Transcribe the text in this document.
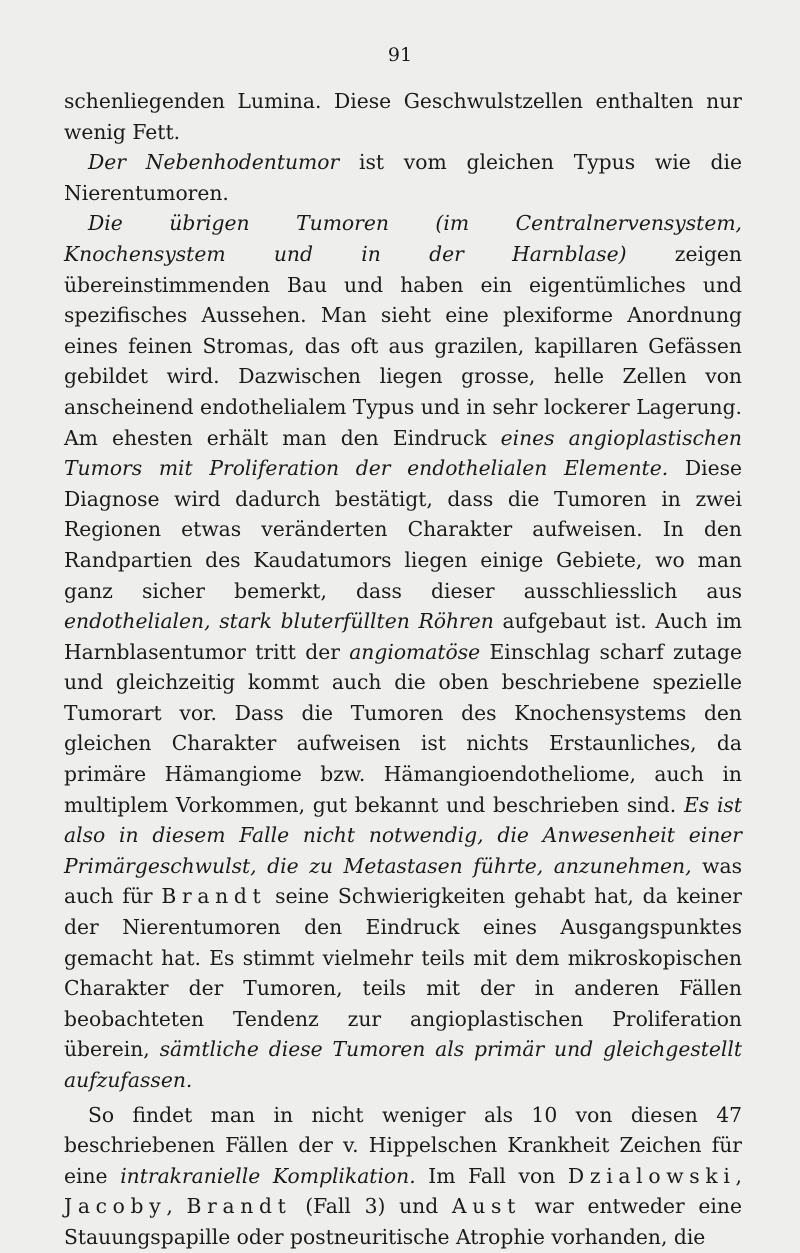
91

schenliegenden Lumina. Diese Geschwulstzellen enthalten nur wenig Fett.

Der Nebenhodentumor ist vom gleichen Typus wie die Nierentumoren.

Die übrigen Tumoren (im Centralnervensystem, Knochensystem und in der Harnblase) zeigen übereinstimmenden Bau und haben ein eigentümliches und spezifisches Aussehen. Man sieht eine plexiforme Anordnung eines feinen Stromas, das oft aus grazilen, kapillaren Gefässen gebildet wird. Dazwischen liegen grosse, helle Zellen von anscheinend endothelialem Typus und in sehr lockerer Lagerung. Am ehesten erhält man den Eindruck eines angioplastischen Tumors mit Proliferation der endothelialen Elemente. Diese Diagnose wird dadurch bestätigt, dass die Tumoren in zwei Regionen etwas veränderten Charakter aufweisen. In den Randpartien des Kaudatumors liegen einige Gebiete, wo man ganz sicher bemerkt, dass dieser ausschliesslich aus endothelialen, stark bluterfüllten Röhren aufgebaut ist. Auch im Harnblasentumor tritt der angiomatöse Einschlag scharf zutage und gleichzeitig kommt auch die oben beschriebene spezielle Tumorart vor. Dass die Tumoren des Knochensystems den gleichen Charakter aufweisen ist nichts Erstaunliches, da primäre Hämangiome bzw. Hämangioendotheliome, auch in multiplem Vorkommen, gut bekannt und beschrieben sind. Es ist also in diesem Falle nicht notwendig, die Anwesenheit einer Primärgeschwulst, die zu Metastasen führte, anzunehmen, was auch für Brandt seine Schwierigkeiten gehabt hat, da keiner der Nierentumoren den Eindruck eines Ausgangspunktes gemacht hat. Es stimmt vielmehr teils mit dem mikroskopischen Charakter der Tumoren, teils mit der in anderen Fällen beobachteten Tendenz zur angioplastischen Proliferation überein, sämtliche diese Tumoren als primär und gleichgestellt aufzufassen.

So findet man in nicht weniger als 10 von diesen 47 beschriebenen Fällen der v. Hippelschen Krankheit Zeichen für eine intrakranielle Komplikation. Im Fall von Dzialowski, Jacoby, Brandt (Fall 3) und Aust war entweder eine Stauungspapille oder postneuritische Atrophie vorhanden, die
